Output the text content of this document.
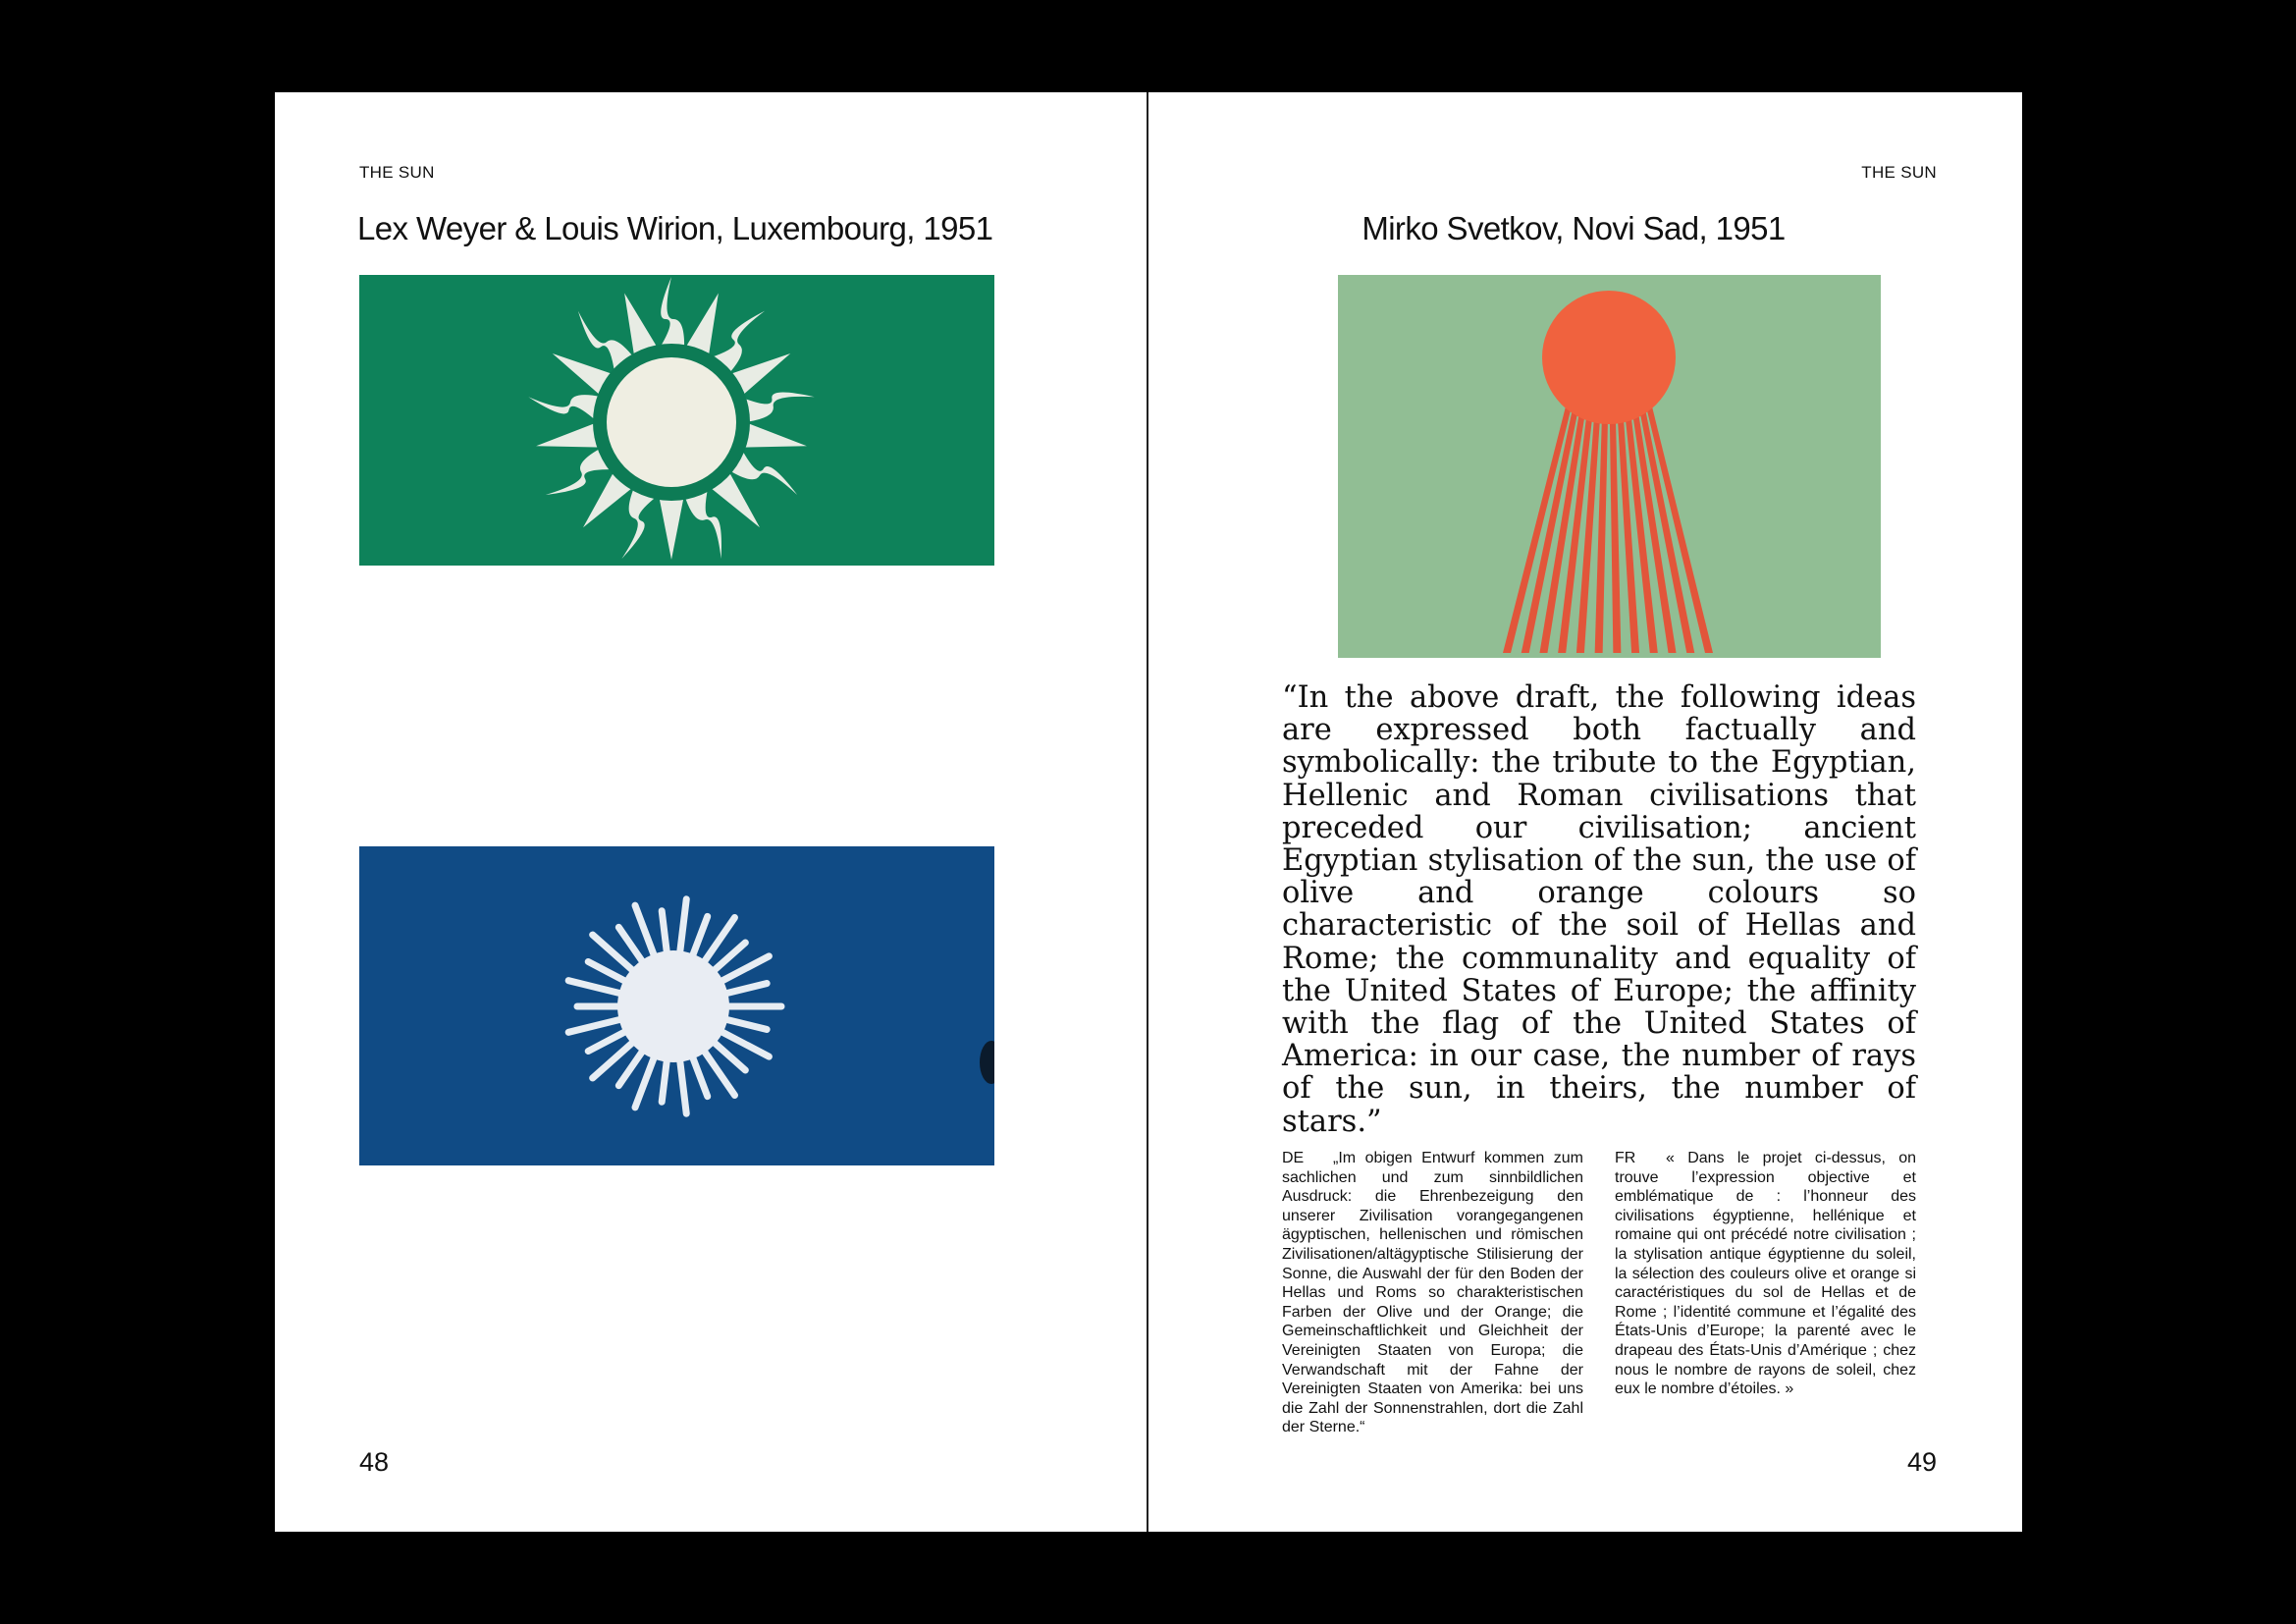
THE SUN
Lex Weyer & Louis Wirion, Luxembourg, 1951
48
THE SUN
Mirko Svetkov, Novi Sad, 1951

“In the above draft, the following ideas are expressed both factually and symbolically: the tribute to the Egyptian, Hellenic and Roman civilisations that preceded our civilisation; ancient Egyptian stylisation of the sun, the use of olive and orange colours so characteristic of the soil of Hellas and Rome; the communality and equality of the United States of Europe; the affinity with the flag of the United States of America: in our case, the number of rays of the sun, in theirs, the number of stars.”

DE „Im obigen Entwurf kommen zum sachlichen und zum sinnbildlichen Ausdruck: die Ehrenbezeigung den unserer Zivilisation vorangegangenen ägyptischen, hellenischen und römischen Zivilisationen/altägyptische Stilisierung der Sonne, die Auswahl der für den Boden der Hellas und Roms so charakteristischen Farben der Olive und der Orange; die Gemeinschaftlichkeit und Gleichheit der Vereinigten Staaten von Europa; die Verwandschaft mit der Fahne der Vereinigten Staaten von Amerika: bei uns die Zahl der Sonnenstrahlen, dort die Zahl der Sterne.“

FR « Dans le projet ci-dessus, on trouve l’expression objective et emblématique de : l’honneur des civilisations égyptienne, hellénique et romaine qui ont précédé notre civilisation ; la stylisation antique égyptienne du soleil, la sélection des couleurs olive et orange si caractéristiques du sol de Hellas et de Rome ; l’identité commune et l’égalité des États-Unis d’Europe; la parenté avec le drapeau des États-Unis d’Amérique ; chez nous le nombre de rayons de soleil, chez eux le nombre d’étoiles. »

49
